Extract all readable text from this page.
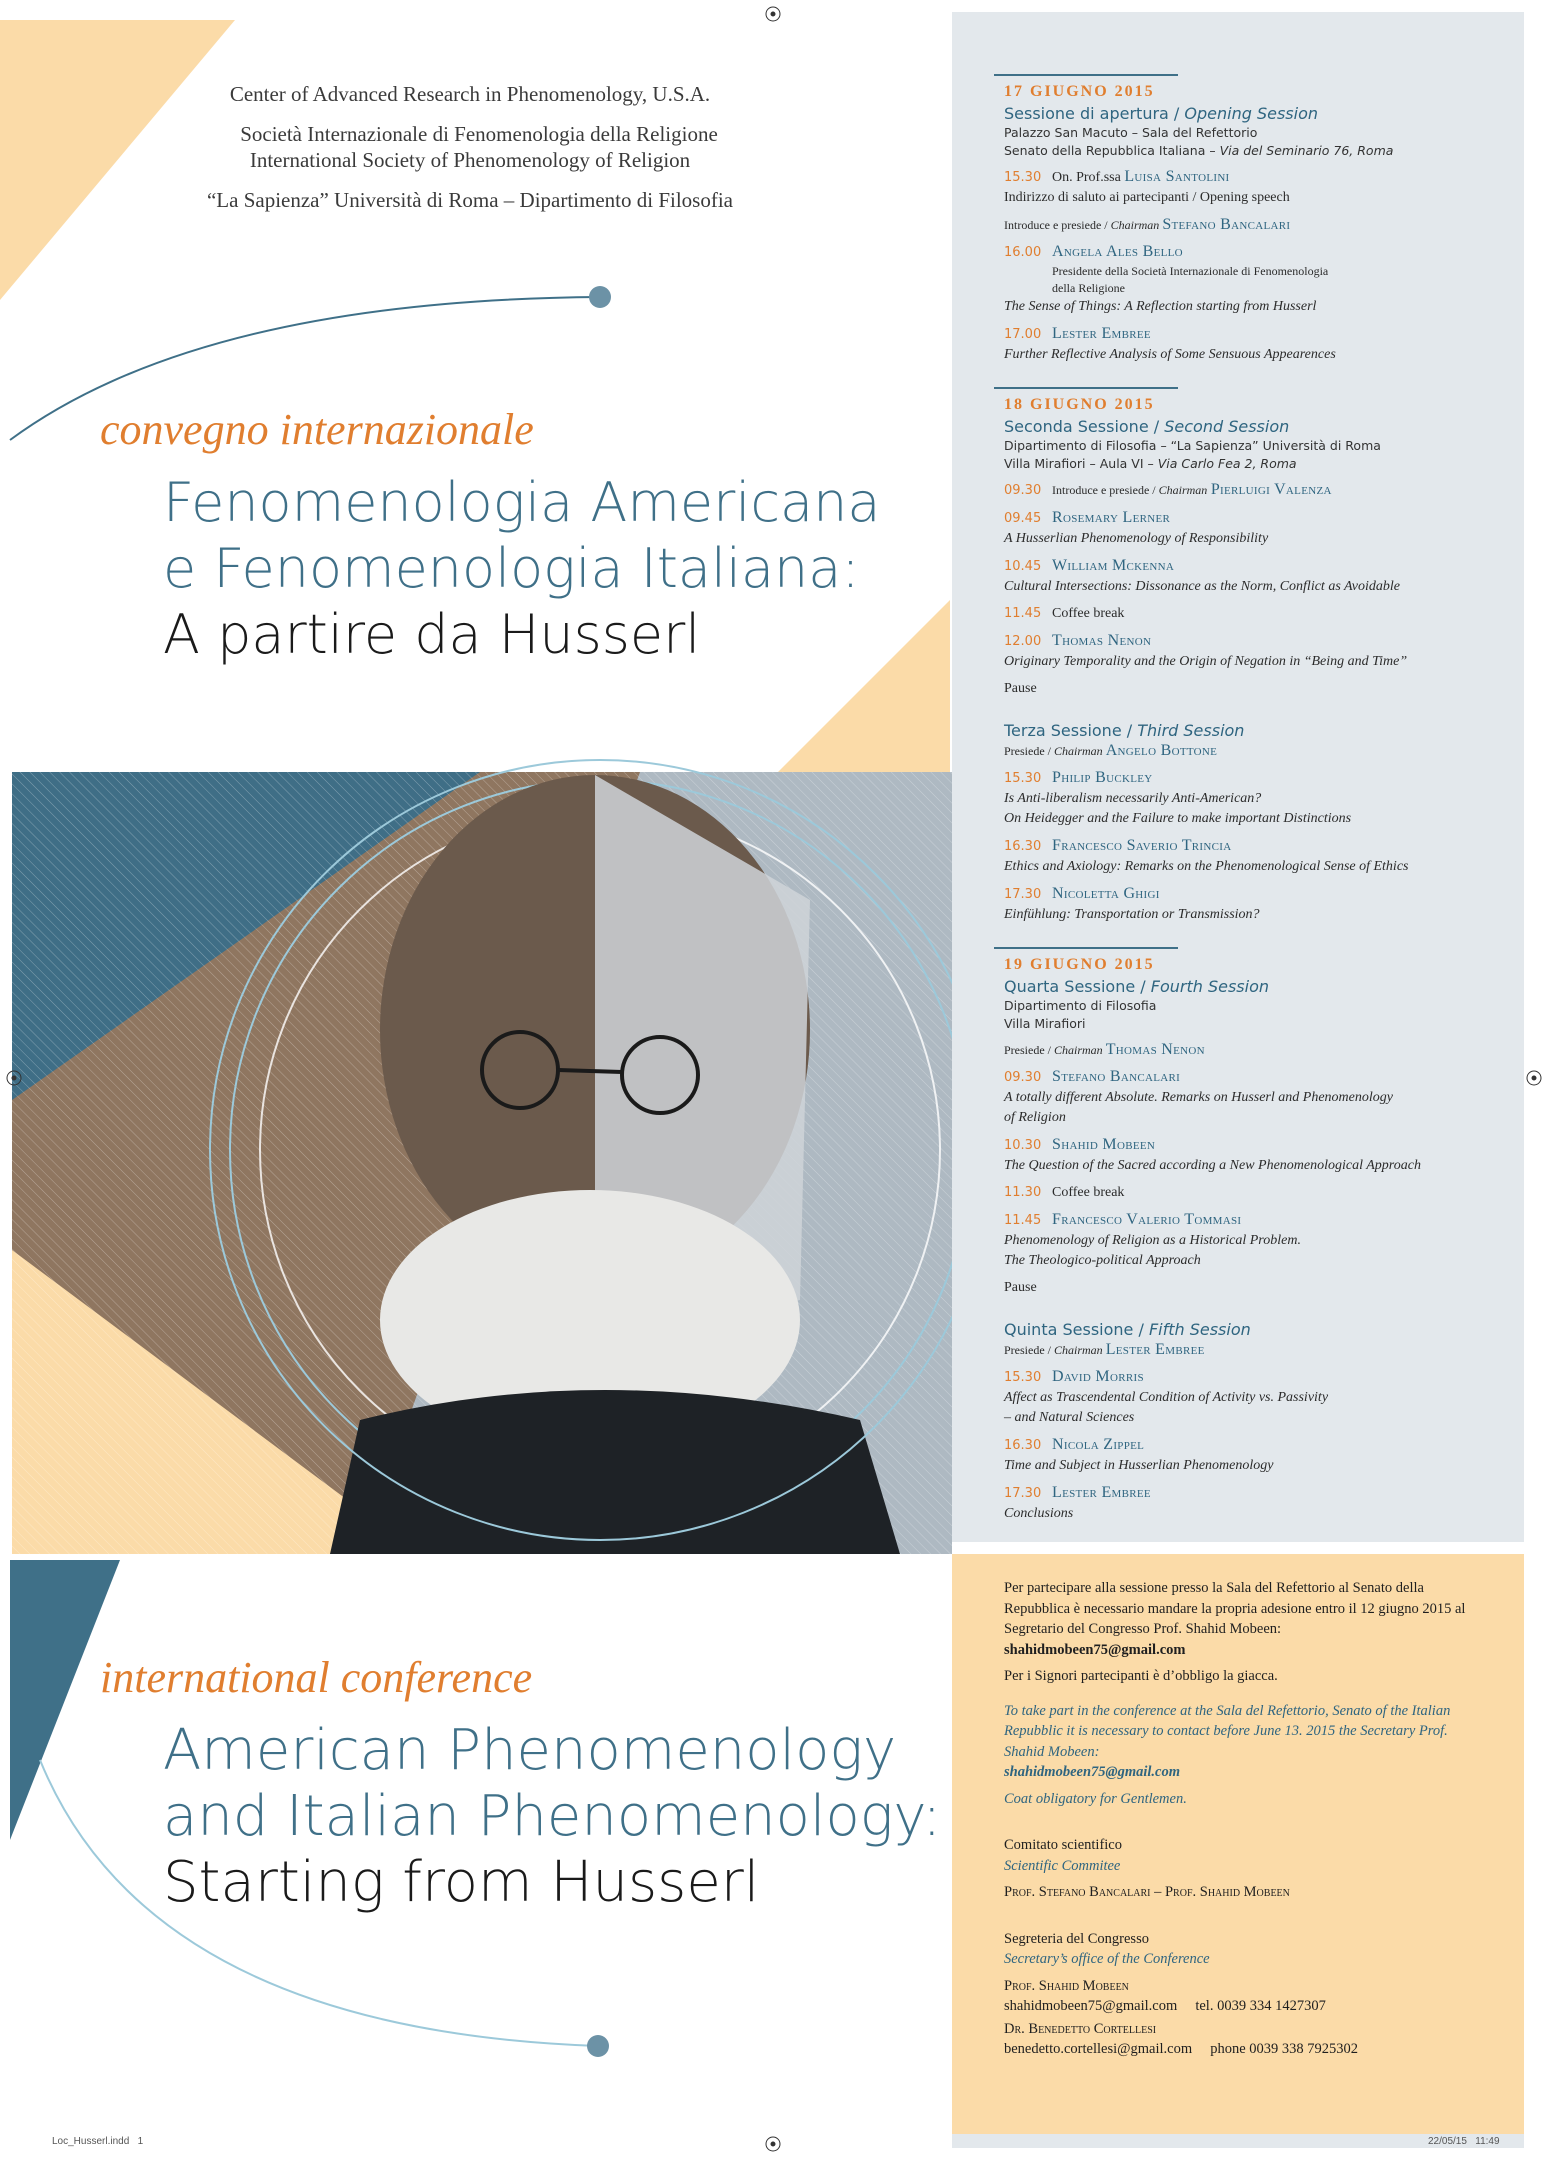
Center of Advanced Research in Phenomenology, U.S.A.
Società Internazionale di Fenomenologia della Religione
International Society of Phenomenology of Religion
“La Sapienza” Università di Roma – Dipartimento di Filosofia
convegno internazionale
Fenomenologia Americana
e Fenomenologia Italiana:
A partire da Husserl
international conference
American Phenomenology
and Italian Phenomenology:
Starting from Husserl
17 GIUGNO 2015
Sessione di apertura / Opening Session
Palazzo San Macuto – Sala del Refettorio
Senato della Repubblica Italiana – Via del Seminario 76, Roma
15.30 On. Prof.ssa Luisa Santolini
Indirizzo di saluto ai partecipanti / Opening speech
Introduce e presiede / Chairman Stefano Bancalari
16.00 Angela Ales Bello
Presidente della Società Internazionale di Fenomenologia
della Religione
The Sense of Things: A Reflection starting from Husserl
17.00 Lester Embree
Further Reflective Analysis of Some Sensuous Appearences
18 GIUGNO 2015
Seconda Sessione / Second Session
Dipartimento di Filosofia – “La Sapienza” Università di Roma
Villa Mirafiori – Aula VI – Via Carlo Fea 2, Roma
09.30 Introduce e presiede / Chairman Pierluigi Valenza
09.45 Rosemary Lerner
A Husserlian Phenomenology of Responsibility
10.45 William Mckenna
Cultural Intersections: Dissonance as the Norm, Conflict as Avoidable
11.45 Coffee break
12.00 Thomas Nenon
Originary Temporality and the Origin of Negation in “Being and Time”
Pause
Terza Sessione / Third Session
Presiede / Chairman Angelo Bottone
15.30 Philip Buckley
Is Anti-liberalism necessarily Anti-American?
On Heidegger and the Failure to make important Distinctions
16.30 Francesco Saverio Trincia
Ethics and Axiology: Remarks on the Phenomenological Sense of Ethics
17.30 Nicoletta Ghigi
Einfühlung: Transportation or Transmission?
19 GIUGNO 2015
Quarta Sessione / Fourth Session
Dipartimento di Filosofia
Villa Mirafiori
Presiede / Chairman Thomas Nenon
09.30 Stefano Bancalari
A totally different Absolute. Remarks on Husserl and Phenomenology
of Religion
10.30 Shahid Mobeen
The Question of the Sacred according a New Phenomenological Approach
11.30 Coffee break
11.45 Francesco Valerio Tommasi
Phenomenology of Religion as a Historical Problem.
The Theologico-political Approach
Pause
Quinta Sessione / Fifth Session
Presiede / Chairman Lester Embree
15.30 David Morris
Affect as Trascendental Condition of Activity vs. Passivity
– and Natural Sciences
16.30 Nicola Zippel
Time and Subject in Husserlian Phenomenology
17.30 Lester Embree
Conclusions

Per partecipare alla sessione presso la Sala del Refettorio al Senato della Repubblica è necessario mandare la propria adesione entro il 12 giugno 2015 al Segretario del Congresso Prof. Shahid Mobeen:
shahidmobeen75@gmail.com

Per i Signori partecipanti è d’obbligo la giacca.

To take part in the conference at the Sala del Refettorio, Senato of the Italian Repubblic it is necessary to contact before June 13. 2015 the Secretary Prof. Shahid Mobeen:
shahidmobeen75@gmail.com

Coat obligatory for Gentlemen.

Comitato scientifico
Scientific Commitee
Prof. Stefano Bancalari – Prof. Shahid Mobeen
Segreteria del Congresso
Secretary’s office of the Conference
Prof. Shahid Mobeen
shahidmobeen75@gmail.com     tel. 0039 334 1427307
Dr. Benedetto Cortellesi
benedetto.cortellesi@gmail.com     phone 0039 338 7925302
Loc_Husserl.indd   1	22/05/15   11:49
